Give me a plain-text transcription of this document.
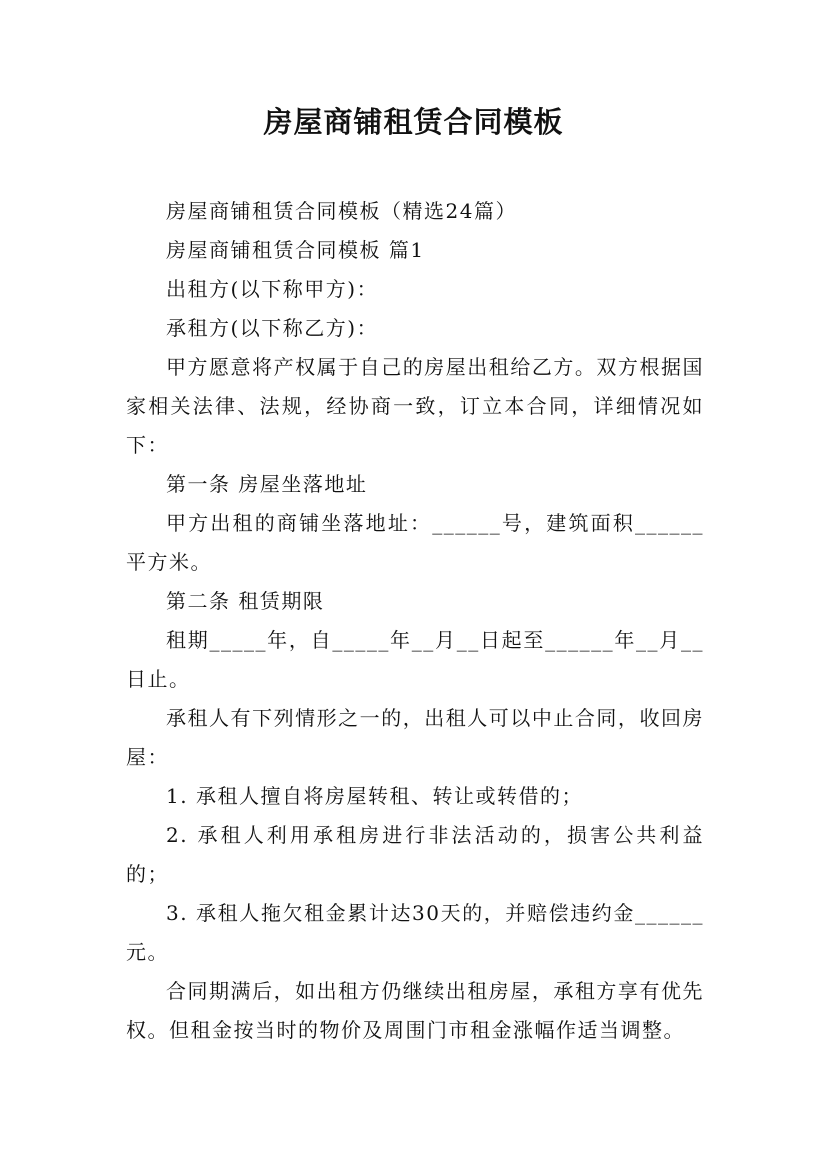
房屋商铺租赁合同模板

房屋商铺租赁合同模板（精选24篇）

房屋商铺租赁合同模板 篇1

出租方(以下称甲方)：

承租方(以下称乙方)：

甲方愿意将产权属于自己的房屋出租给乙方。双方根据国家相关法律、法规，经协商一致，订立本合同，详细情况如下：

第一条 房屋坐落地址

甲方出租的商铺坐落地址：______号，建筑面积______平方米。

第二条 租赁期限

租期_____年，自_____年__月__日起至______年__月__日止。

承租人有下列情形之一的，出租人可以中止合同，收回房屋：

1. 承租人擅自将房屋转租、转让或转借的；

2. 承租人利用承租房进行非法活动的，损害公共利益的；

3. 承租人拖欠租金累计达30天的，并赔偿违约金______元。

合同期满后，如出租方仍继续出租房屋，承租方享有优先权。但租金按当时的物价及周围门市租金涨幅作适当调整。
